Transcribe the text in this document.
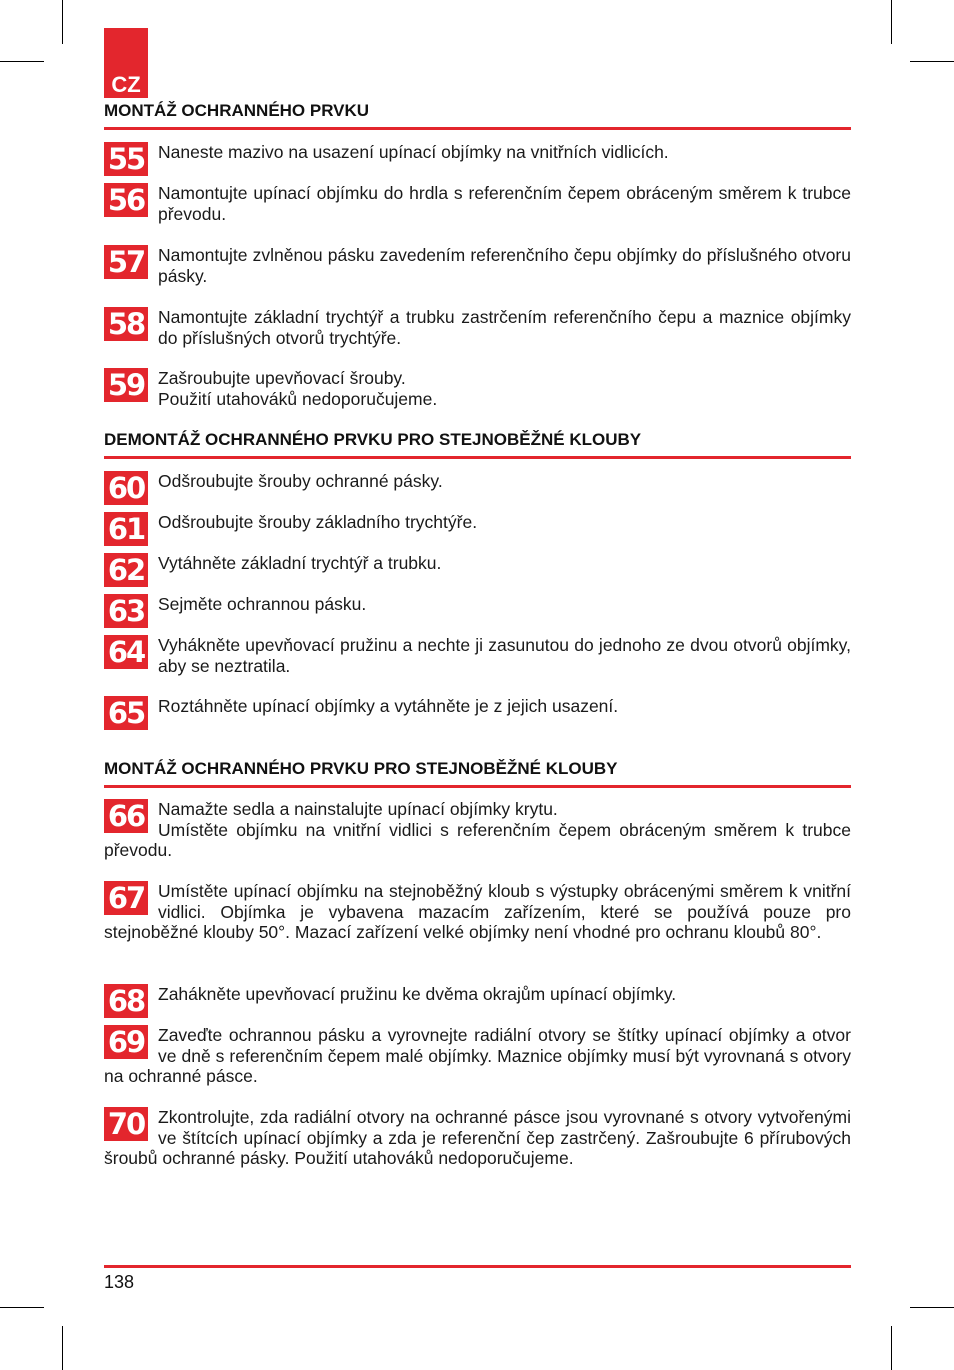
CZ
MONTÁŽ OCHRANNÉHO PRVKU
55 Naneste mazivo na usazení upínací objímky na vnitřních vidlicích.

56 Namontujte upínací objímku do hrdla s referenčním čepem obráceným směrem k trubce převodu.

57 Namontujte zvlněnou pásku zavedením referenčního čepu objímky do příslušného otvoru pásky.

58 Namontujte základní trychtýř a trubku zastrčením referenčního čepu a maznice objímky do příslušných otvorů trychtýře.

59 Zašroubujte upevňovací šrouby.
Použití utahováků nedoporučujeme.

DEMONTÁŽ OCHRANNÉHO PRVKU PRO STEJNOBĚŽNÉ KLOUBY
60 Odšroubujte šrouby ochranné pásky.

61 Odšroubujte šrouby základního trychtýře.

62 Vytáhněte základní trychtýř a trubku.

63 Sejměte ochrannou pásku.

64 Vyhákněte upevňovací pružinu a nechte ji zasunutou do jednoho ze dvou otvorů objímky, aby se neztratila.

65 Roztáhněte upínací objímky a vytáhněte je z jejich usazení.

MONTÁŽ OCHRANNÉHO PRVKU PRO STEJNOBĚŽNÉ KLOUBY
66 Namažte sedla a nainstalujte upínací objímky krytu.
Umístěte objímku na vnitřní vidlici s referenčním čepem obráceným směrem k trubce převodu.

67 Umístěte upínací objímku na stejnoběžný kloub s výstupky obrácenými směrem k vnitřní vidlici. Objímka je vybavena mazacím zařízením, které se používá pouze pro stejnoběžné klouby 50°. Mazací zařízení velké objímky není vhodné pro ochranu kloubů 80°.

68 Zahákněte upevňovací pružinu ke dvěma okrajům upínací objímky.

69 Zaveďte ochrannou pásku a vyrovnejte radiální otvory se štítky upínací objímky a otvor ve dně s referenčním čepem malé objímky. Maznice objímky musí být vyrovnaná s otvory na ochranné pásce.

70 Zkontrolujte, zda radiální otvory na ochranné pásce jsou vyrovnané s otvory vytvořenými ve štítcích upínací objímky a zda je referenční čep zastrčený. Zašroubujte 6 přírubových šroubů ochranné pásky. Použití utahováků nedoporučujeme.

138
